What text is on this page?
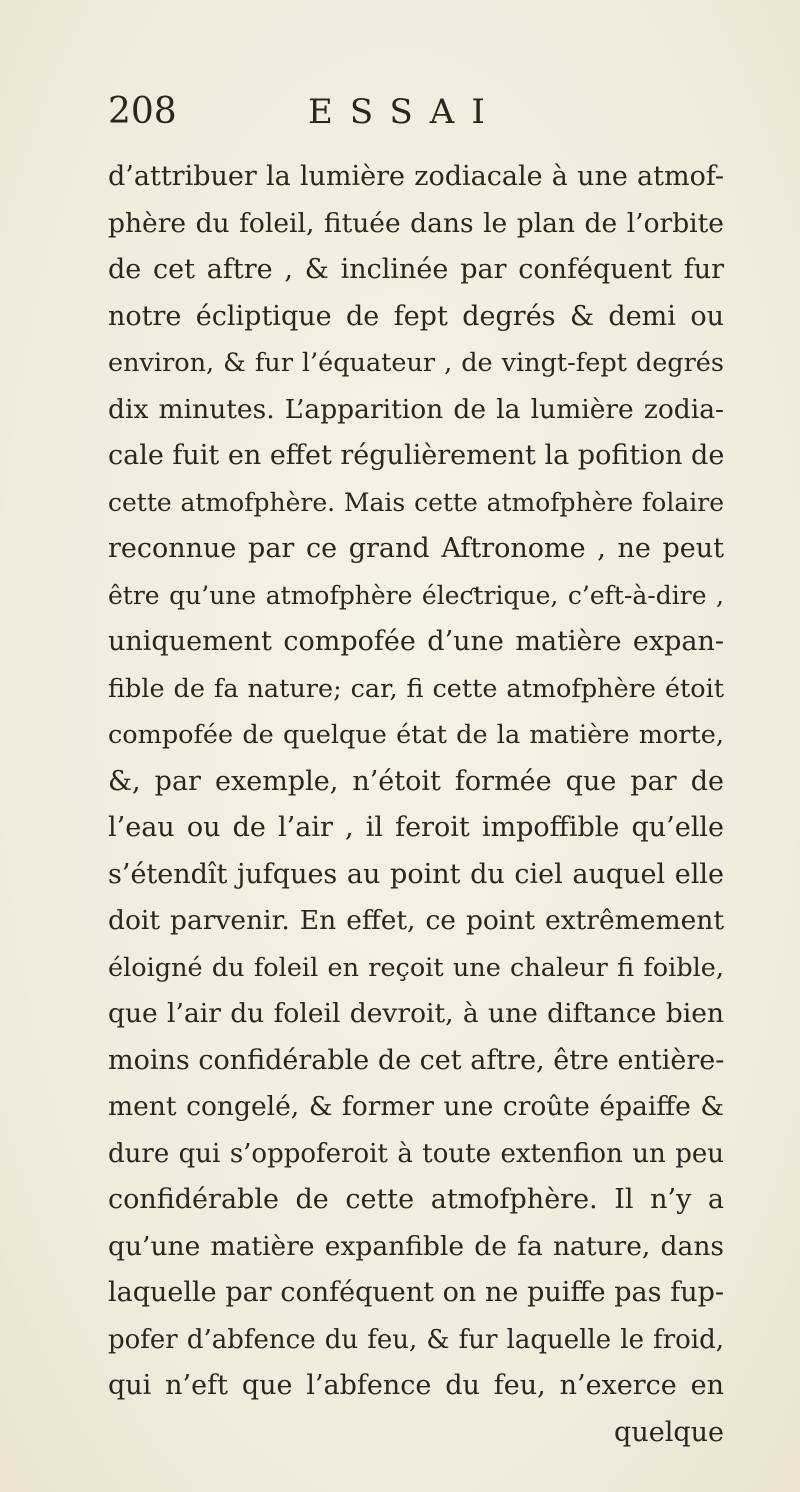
208	ESSAI
d’attribuer la lumière zodiacale à une atmof-
phère du foleil, fituée dans le plan de l’orbite
de cet aftre , & inclinée par conféquent fur
notre écliptique de fept degrés & demi ou
environ, & fur l’équateur , de vingt-fept degrés
dix minutes. L’apparition de la lumière zodia-
cale fuit en effet régulièrement la pofition de
cette atmofphère. Mais cette atmofphère folaire
reconnue par ce grand Aftronome , ne peut
être qu’une atmofphère éleƈtrique, c’eft-à-dire ,
uniquement compofée d’une matière expan-
fible de fa nature; car, fi cette atmofphère étoit
compofée de quelque état de la matière morte,
&, par exemple, n’étoit formée que par de
l’eau ou de l’air , il feroit impoffible qu’elle
s’étendît jufques au point du ciel auquel elle
doit parvenir. En effet, ce point extrêmement
éloigné du foleil en reçoit une chaleur fi foible,
que l’air du foleil devroit, à une diftance bien
moins confidérable de cet aftre, être entière-
ment congelé, & former une croûte épaiffe &
dure qui s’oppoferoit à toute extenfion un peu
confidérable de cette atmofphère. Il n’y a
qu’une matière expanfible de fa nature, dans
laquelle par conféquent on ne puiffe pas fup-
pofer d’abfence du feu, & fur laquelle le froid,
qui n’eft que l’abfence du feu, n’exerce en
quelque
